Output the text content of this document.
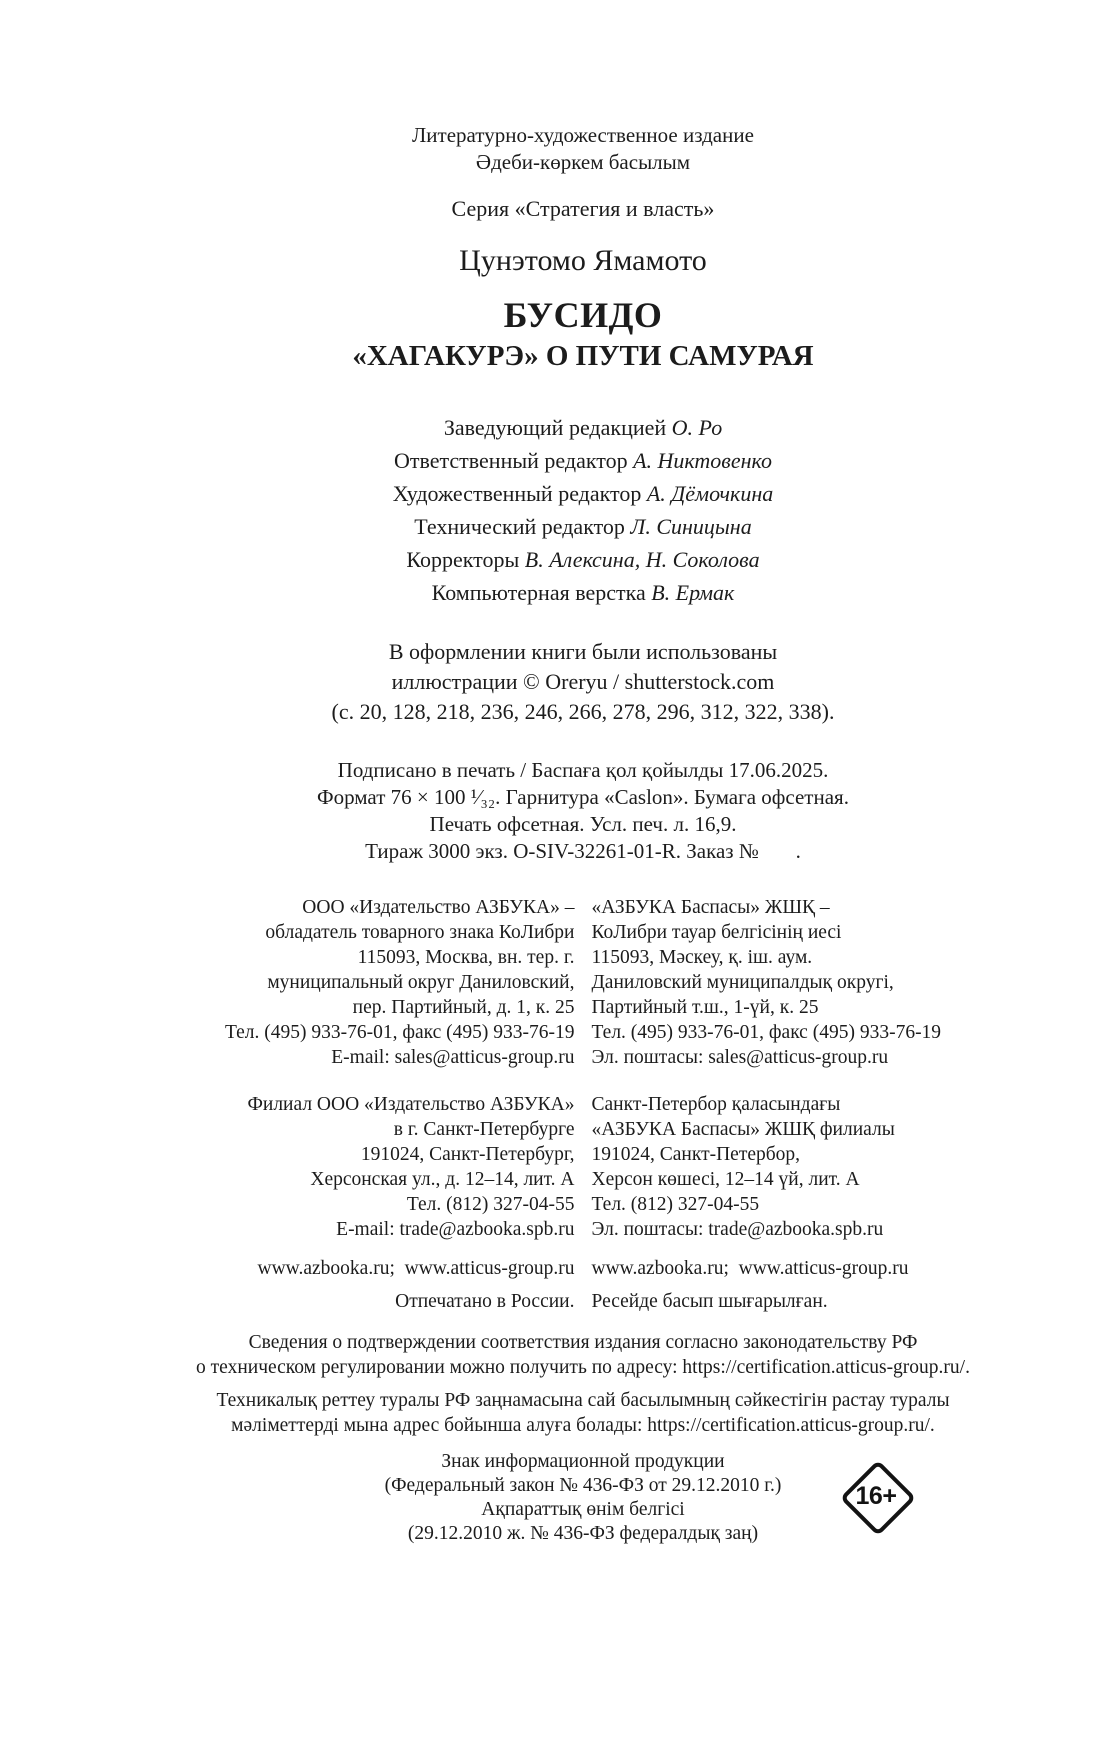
Литературно-художественное издание
Әдеби-көркем басылым
Серия «Стратегия и власть»
Цунэтомо Ямамото
БУСИДО
«ХАГАКУРЭ» О ПУТИ САМУРАЯ
Заведующий редакцией О. Ро
Ответственный редактор А. Никтовенко
Художественный редактор А. Дёмочкина
Технический редактор Л. Синицына
Корректоры В. Алексина, Н. Соколова
Компьютерная верстка В. Ермак
В оформлении книги были использованы
иллюстрации © Oreryu / shutterstock.com
(с. 20, 128, 218, 236, 246, 266, 278, 296, 312, 322, 338).
Подписано в печать / Баспаға қол қойылды 17.06.2025.
Формат 76 × 100 ¹⁄₃₂. Гарнитура «Caslon». Бумага офсетная.
Печать офсетная. Усл. печ. л. 16,9.
Тираж 3000 экз. O-SIV-32261-01-R. Заказ №       .
ООО «Издательство АЗБУКА» –
обладатель товарного знака КоЛибри
115093, Москва, вн. тер. г.
муниципальный округ Даниловский,
пер. Партийный, д. 1, к. 25
Тел. (495) 933-76-01, факс (495) 933-76-19
E-mail: sales@atticus-group.ru
«АЗБУКА Баспасы» ЖШҚ –
КоЛибри тауар белгісінің иесі
115093, Мәскеу, қ. іш. аум.
Даниловский муниципалдық округі,
Партийный т.ш., 1-үй, к. 25
Тел. (495) 933-76-01, факс (495) 933-76-19
Эл. поштасы: sales@atticus-group.ru
Филиал ООО «Издательство АЗБУКА»
в г. Санкт-Петербурге
191024, Санкт-Петербург,
Херсонская ул., д. 12–14, лит. А
Тел. (812) 327-04-55
E-mail: trade@azbooka.spb.ru
Санкт-Петербор қаласындағы
«АЗБУКА Баспасы» ЖШҚ филиалы
191024, Санкт-Петербор,
Херсон көшесі, 12–14 үй, лит. А
Тел. (812) 327-04-55
Эл. поштасы: trade@azbooka.spb.ru
www.azbooka.ru;  www.atticus-group.ru www.azbooka.ru;  www.atticus-group.ru
Отпечатано в России. Ресейде басып шығарылған.
Сведения о подтверждении соответствия издания согласно законодательству РФ
о техническом регулировании можно получить по адресу: https://certification.atticus-group.ru/.
Техникалық реттеу туралы РФ заңнамасына сай басылымның сәйкестігін растау туралы
мәліметтерді мына адрес бойынша алуға болады: https://certification.atticus-group.ru/.
Знак информационной продукции
(Федеральный закон № 436-ФЗ от 29.12.2010 г.)
Ақпараттық өнім белгісі
(29.12.2010 ж. № 436-ФЗ федералдық заң)
16+
